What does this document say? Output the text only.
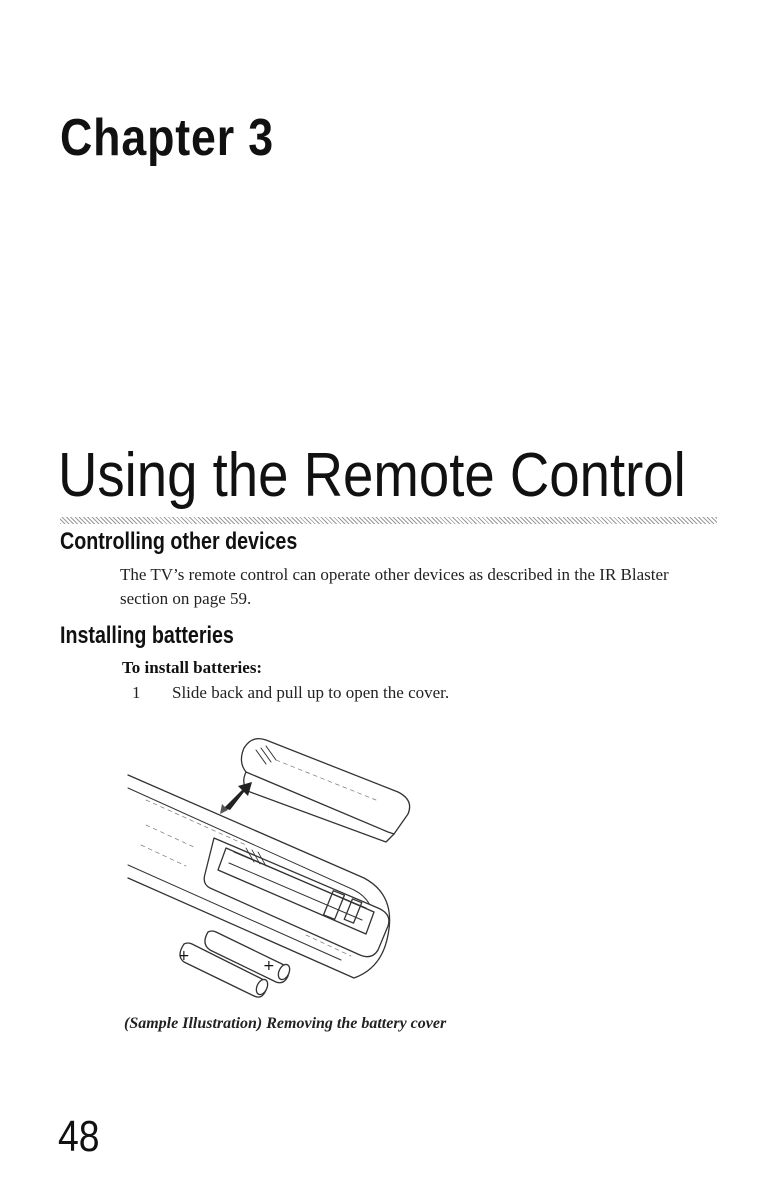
Chapter 3
Using the Remote Control
Controlling other devices
The TV’s remote control can operate other devices as described in the IR Blaster section on page 59.
Installing batteries
To install batteries:
1 Slide back and pull up to open the cover.
+
+
(Sample Illustration) Removing the battery cover
48
